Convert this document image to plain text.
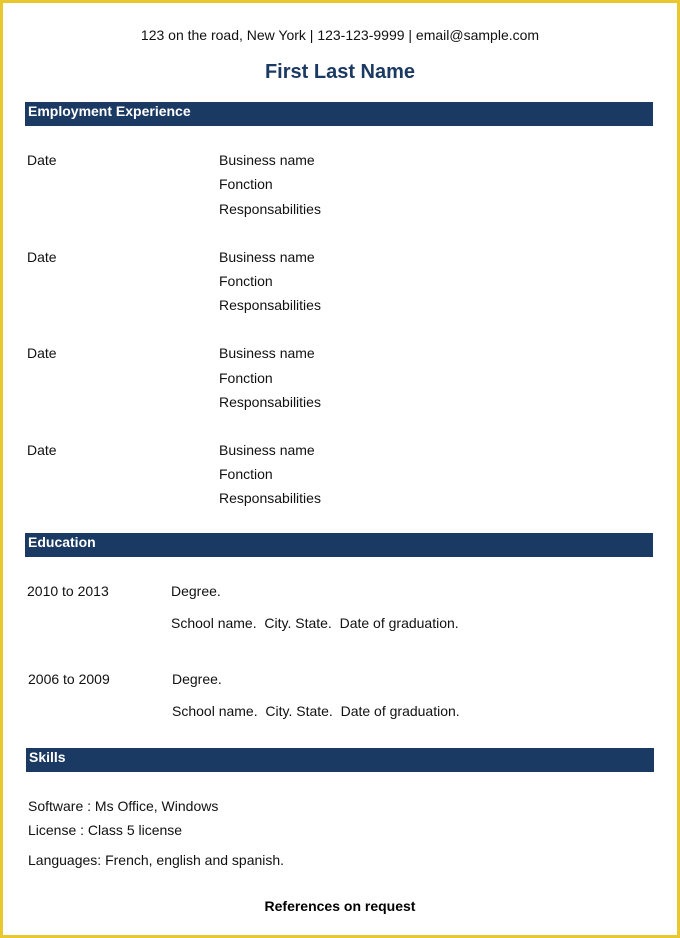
123 on the road, New York | 123-123-9999 | email@sample.com
First Last Name
Employment Experience
Date	Business name
Fonction
Responsabilities
Date	Business name
Fonction
Responsabilities
Date	Business name
Fonction
Responsabilities
Date	Business name
Fonction
Responsabilities
Education
2010 to 2013	Degree.
School name.  City. State.  Date of graduation.
2006 to 2009	Degree.
School name.  City. State.  Date of graduation.
Skills
Software : Ms Office, Windows
License : Class 5 license
Languages: French, english and spanish.
References on request
